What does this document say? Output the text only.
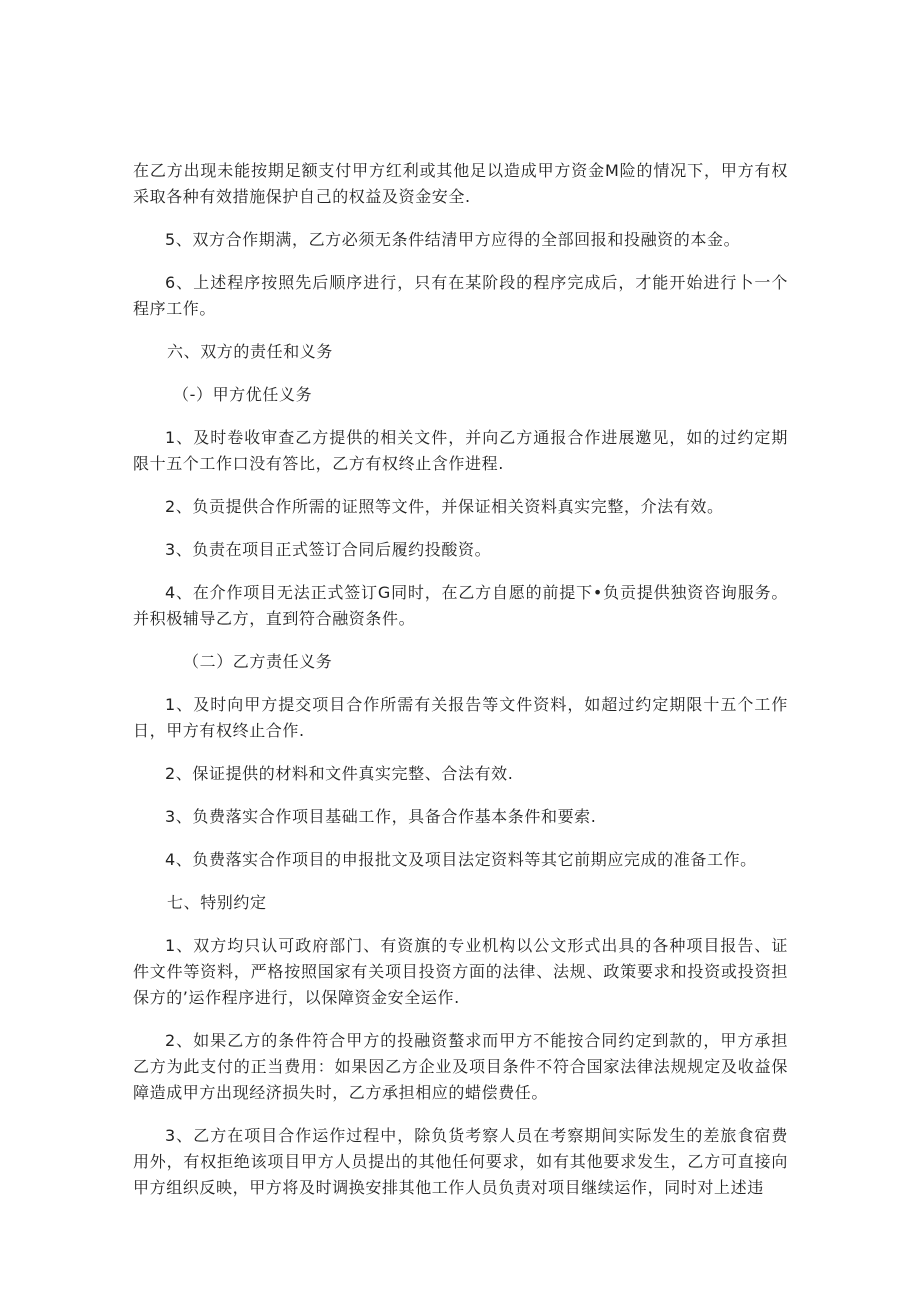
在乙方出现未能按期足额支付甲方红利或其他足以造成甲方资金M险的情况下，甲方有权采取各种有效措施保护自己的权益及资金安全.

5、双方合作期满，乙方必须无条件结清甲方应得的全部回报和投融资的本金。

6、上述程序按照先后顺序进行，只有在某阶段的程序完成后，才能开始进行卜一个程序工作。

六、双方的责任和义务

（-）甲方优任义务

1、及时卷收审查乙方提供的相关文件，并向乙方通报合作进展邀见，如的过约定期限十五个工作口没有答比，乙方有权终止含作进程.

2、负贡提供合作所需的证照等文件，并保证相关资料真实完整，介法有效。

3、负责在项目正式签订合同后履约投酸资。

4、在介作项目无法正式签订G同时，在乙方自愿的前提下•负贡提供独资咨询服务。并积极辅导乙方，直到符合融资条件。

（二）乙方责任义务

1、及时向甲方提交项目合作所需有关报告等文件资料，如超过约定期限十五个工作日，甲方有权终止合作.

2、保证提供的材料和文件真实完整、合法有效.

3、负费落实合作项目基础工作，具备合作基本条件和要索.

4、负费落实合作项目的申报批文及项目法定资料等其它前期应完成的准备工作。

七、特别约定

1、双方均只认可政府部门、有资旗的专业机构以公文形式出具的各种项目报告、证件文件等资料，严格按照国家有关项目投资方面的法律、法规、政策要求和投资或投资担保方的’运作程序进行，以保障资金安全运作.

2、如果乙方的条件符合甲方的投融资螯求而甲方不能按合同约定到款的，甲方承担乙方为此支付的正当费用：如果因乙方企业及项目条件不符合国家法律法规规定及收益保障造成甲方出现经济损失时，乙方承担相应的蜡偿费任。

3、乙方在项目合作运作过程中，除负货考察人员在考察期间实际发生的差旅食宿费用外，有权拒绝该项目甲方人员提出的其他任何要求，如有其他要求发生，乙方可直接向甲方组织反映，甲方将及时调换安排其他工作人员负责对项目继续运作，同时对上述违
